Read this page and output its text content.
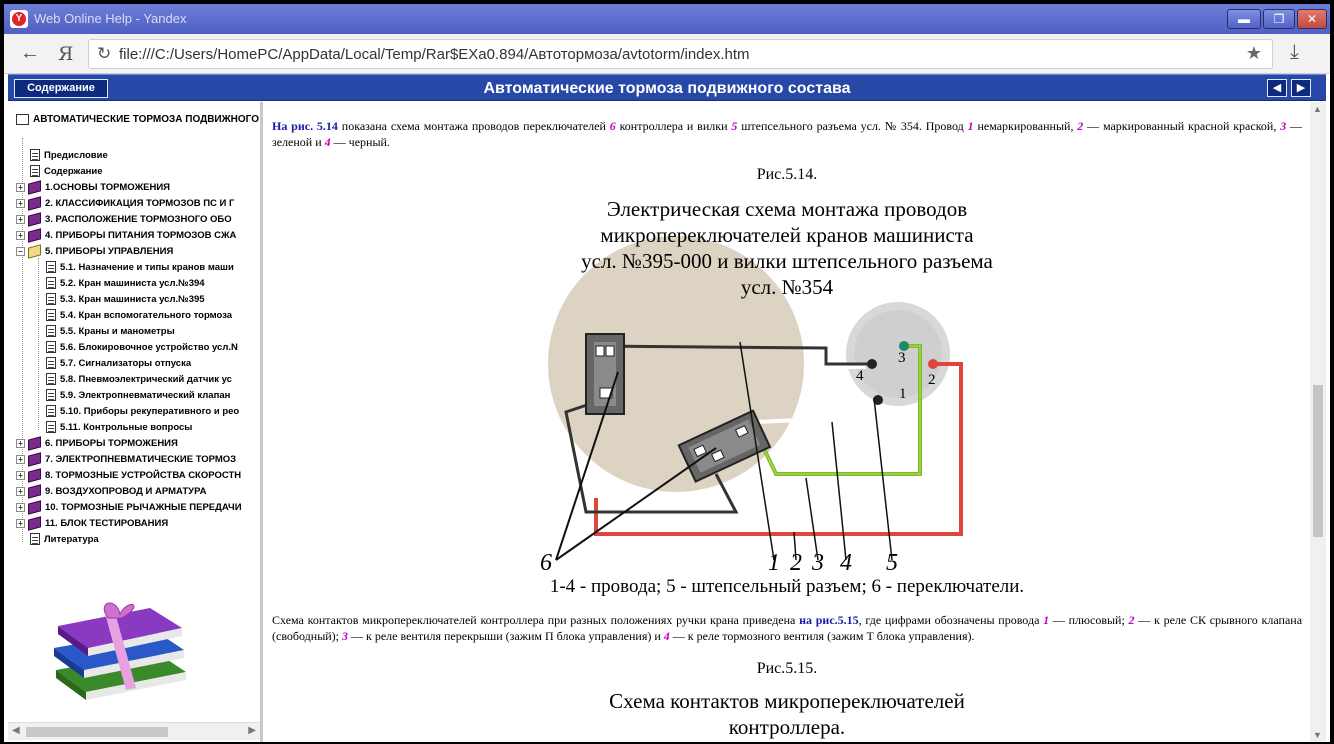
Y Web Online Help - Yandex	▬	❐	✕
← Я ↻ file:///C:/Users/HomePC/AppData/Local/Temp/Rar$EXa0.894/Автотормоза/avtotorm/index.htm	★ ⤓
Автоматические тормоза подвижного состава
Содержание	◀	▶
АВТОМАТИЧЕСКИЕ ТОРМОЗА ПОДВИЖНОГО
Предисловие
Содержание
+ 1.ОСНОВЫ ТОРМОЖЕНИЯ
+ 2. КЛАССИФИКАЦИЯ ТОРМОЗОВ ПС И Г
+ 3. РАСПОЛОЖЕНИЕ ТОРМОЗНОГО ОБО
+ 4. ПРИБОРЫ ПИТАНИЯ ТОРМОЗОВ СЖА
− 5. ПРИБОРЫ УПРАВЛЕНИЯ
5.1. Назначение и типы кранов маши
5.2. Кран машиниста усл.№394
5.3. Кран машиниста усл.№395
5.4. Кран вспомогательного тормоза
5.5. Краны и манометры
5.6. Блокировочное устройство усл.N
5.7. Сигнализаторы отпуска
5.8. Пневмоэлектрический датчик ус
5.9. Электропневматический клапан
5.10. Приборы рекуперативного и рео
5.11. Контрольные вопросы
+ 6. ПРИБОРЫ ТОРМОЖЕНИЯ
+ 7. ЭЛЕКТРОПНЕВМАТИЧЕСКИЕ ТОРМОЗ
+ 8. ТОРМОЗНЫЕ УСТРОЙСТВА СКОРОСТН
+ 9. ВОЗДУХОПРОВОД И АРМАТУРА
+ 10. ТОРМОЗНЫЕ РЫЧАЖНЫЕ ПЕРЕДАЧИ
+ 11. БЛОК ТЕСТИРОВАНИЯ
Литература
◀	▶
На рис. 5.14 показана схема монтажа проводов переключателей 6 контроллера и вилки 5 штепсельного разъема усл. № 354. Провод 1 немаркированный, 2 — маркированный красной краской, 3 — зеленой и 4 — черный.
Рис.5.14.
Электрическая схема монтажа проводов
микропереключателей кранов машиниста
усл. №395-000 и вилки штепсельного разъема
усл. №354
3
4	2
1
6	1 2 3 4 5
1-4 - провода; 5 - штепсельный разъем; 6 - переключатели.
Схема контактов микропереключателей контроллера при разных положениях ручки крана приведена на рис.5.15, где цифрами обозначены провода 1 — плюсовый; 2 — к реле СК срывного клапана (свободный); 3 — к реле вентиля перекрыши (зажим П блока управления) и 4 — к реле тормозного вентиля (зажим Т блока управления).
Рис.5.15.
Схема контактов микропереключателей
контроллера.
▲
▼
